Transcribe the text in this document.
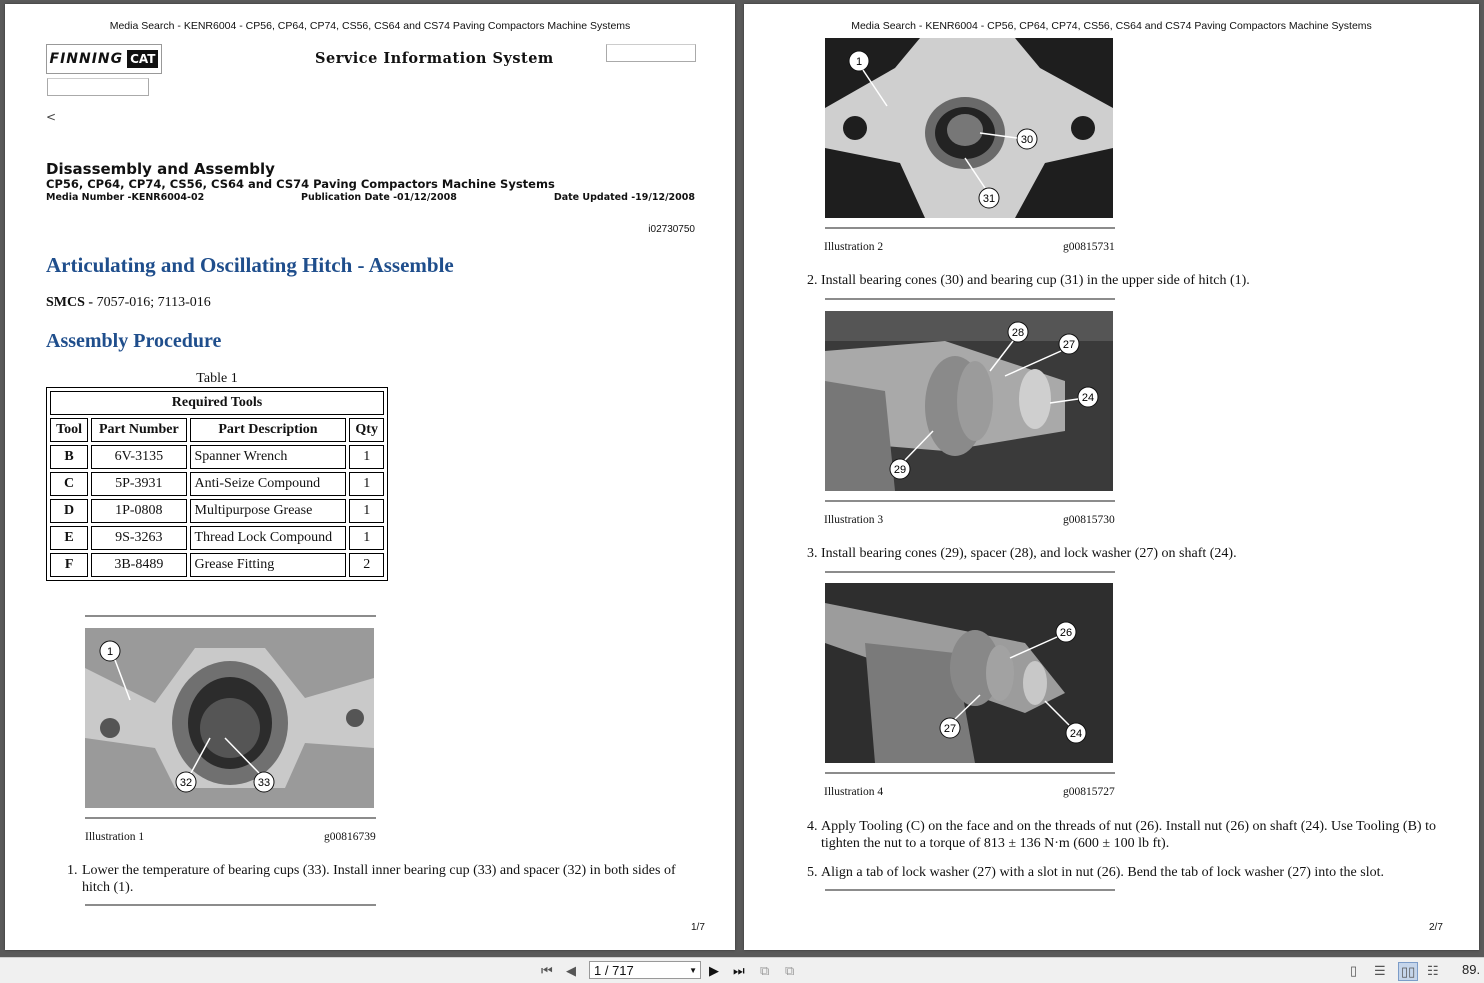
Media Search - KENR6004 - CP56, CP64, CP74, CS56, CS64 and CS74 Paving Compactors Machine Systems
FINNING CAT	Service Information System
<
Disassembly and Assembly
CP56, CP64, CP74, CS56, CS64 and CS74 Paving Compactors Machine Systems
Media Number -KENR6004-02	Publication Date -01/12/2008	Date Updated -19/12/2008
i02730750
Articulating and Oscillating Hitch - Assemble
SMCS - 7057-016; 7113-016
Assembly Procedure
Table 1
Required Tools			
Tool	Part Number	Part Description	Qty
B	6V-3135	Spanner Wrench	1
C	5P-3931	Anti-Seize Compound	1
D	1P-0808	Multipurpose Grease	1
E	9S-3263	Thread Lock Compound	1
F	3B-8489	Grease Fitting	2
1
32	33
Illustration 1	g00816739
1. Lower the temperature of bearing cups (33). Install inner bearing cup (33) and spacer (32) in both sides of hitch (1).
1/7
Media Search - KENR6004 - CP56, CP64, CP74, CS56, CS64 and CS74 Paving Compactors Machine Systems
1
30
31
Illustration 2	g00815731
2. Install bearing cones (30) and bearing cup (31) in the upper side of hitch (1).
28
27
24
29
Illustration 3	g00815730
3. Install bearing cones (29), spacer (28), and lock washer (27) on shaft (24).
26
27	24
Illustration 4	g00815727
4. Apply Tooling (C) on the face and on the threads of nut (26). Install nut (26) on shaft (24). Use Tooling (B) to tighten the nut to a torque of 813 ± 136 N·m (600 ± 100 lb ft).
5. Align a tab of lock washer (27) with a slot in nut (26). Bend the tab of lock washer (27) into the slot.
2/7
⏮ ◀	1 / 717	▼ ▶ ⏭ ⧉ ⧉	▯ ☰ ▯▯ ☷ 89.
